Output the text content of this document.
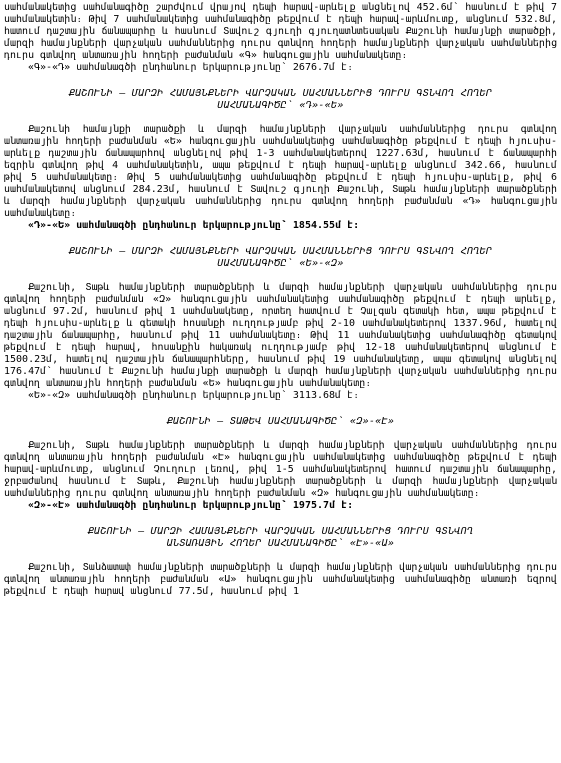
սահմանակետից սահմանագիծը շարժվում վրայով դեպի հարավ-արևելք անցնելով 452.6մ՝ հասնում է թիվ 7 սահմանակետին։ Թիվ 7 սահմանակետից սահմանագիծը թեքվում է դեպի հարավ-արևմուտք, անցնում 532.8մ, հատում դաշտային ճանապարհը և հասնում Տավուշ գյուղի գյուղատնտեսական Քաշունի համայնքի տարածքի, մարզի համայնքների վարչական սահմաններից դուրս գտնվող հողերի համայնքների վարչական սահմաններից դուրս գտնվող անտառային հողերի բաժանման «Գ» հանգուցային սահմանակետը։

«Գ»-«Դ» սահմանագծի ընդհանուր երկարությունը՝ 2676.7մ է։

ՔԱՇՈՒՆԻ – ՄԱՐԶԻ ՀԱՄԱՅՆՔՆԵՐԻ ՎԱՐՉԱԿԱՆ ՍԱՀՄԱՆՆԵՐԻՑ ԴՈՒՐՍ ԳՏՆՎՈՂ ՀՈՂԵՐ
ՍԱՀՄԱՆԱԳԻԾԸ՝ «Դ»-«Ե»

Քաշունի համայնքի տարածքի և մարզի համայնքների վարչական սահմաններից դուրս գտնվող անտառային հողերի բաժանման «Ե» հանգուցային սահմանակետից սահմանագիծը թեքվում է դեպի հյուսիս-արևելք դաշտային ճանապարհով անցնելով թիվ 1-3 սահմանակետերով 1227.63մ, հասնում է ճանապարհի եզրին գտնվող թիվ 4 սահմանակետին, ապա թեքվում է դեպի հարավ-արևելք անցնում 342.66, հասնում թիվ 5 սահմանակետը։ Թիվ 5 սահմանակետից սահմանագիծը թեքվում է դեպի հյուսիս-արևելք, թիվ 6 սահմանակետով անցնում 284.23մ, հասնում է Տավուշ գյուղի Քաշունի, Տաթև համայնքների տարածքների և մարզի համայնքների վարչական սահմաններից դուրս գտնվող հողերի բաժանման «Դ» հանգուցային սահմանակետը։

«Դ»-«Ե» սահմանագծի ընդհանուր երկարությունը՝ 1854.55մ է։

ՔԱՇՈՒՆԻ – ՄԱՐԶԻ ՀԱՄԱՅՆՔՆԵՐԻ ՎԱՐՉԱԿԱՆ ՍԱՀՄԱՆՆԵՐԻՑ ԴՈՒՐՍ ԳՏՆՎՈՂ ՀՈՂԵՐ
ՍԱՀՄԱՆԱԳԻԾԸ՝ «Ե»-«Զ»

Քաշունի, Տաթև համայնքների տարածքների և մարզի համայնքների վարչական սահմաններից դուրս գտնվող հողերի բաժանման «Զ» հանգուցային սահմանակետից սահմանագիծը թեքվում է դեպի արևելք, անցնում 97.2մ, հասնում թիվ 1 սահմանակետը, որտեղ հատվում է Չալգան գետակի հետ, ապա թեքվում է դեպի հյուսիս-արևելք և գետակի հոսանքի ուղղությամբ թիվ 2-10 սահմանակետերով 1337.96մ, հատելով դաշտային ճանապարհը, հասնում թիվ 11 սահմանակետը։ Թիվ 11 սահմանակետից սահմանագիծը գետակով թեքվում է դեպի հարավ, հոսանքին հակառակ ուղղությամբ թիվ 12-18 սահմանակետերով անցնում է 1500.23մ, հատելով դաշտային ճանապարհները, հասնում թիվ 19 սահմանակետը, ապա գետակով անցնելով 176.47մ՝ հասնում է Քաշունի համայնքի տարածքի և մարզի համայնքների վարչական սահմաններից դուրս գտնվող անտառային հողերի բաժանման «Ե» հանգուցային սահմանակետը։

«Ե»-«Զ» սահմանագծի ընդհանուր երկարությունը՝ 3113.68մ է։

ՔԱՇՈՒՆԻ – ՏԱԹԵՎ ՍԱՀՄԱՆԱԳԻԾԸ՝ «Զ»-«Է»

Քաշունի, Տաթև համայնքների տարածքների և մարզի համայնքների վարչական սահմաններից դուրս գտնվող անտառային հողերի բաժանման «Է» հանգուցային սահմանակետից սահմանագիծը թեքվում է դեպի հարավ-արևմուտք, անցնում Չուղուր լեռով, թիվ 1-5 սահմանակետերով հատում դաշտային ճանապարհը, ջրբաժանով հասնում է Տաթև, Քաշունի համայնքների տարածքների և մարզի համայնքների վարչական սահմաններից դուրս գտնվող անտառային հողերի բաժանման «Զ» հանգուցային սահմանակետը։

«Զ»-«Է» սահմանագծի ընդհանուր երկարությունը՝ 1975.7մ է։

ՔԱՇՈՒՆԻ – ՄԱՐԶԻ ՀԱՄԱՅՆՔՆԵՐԻ ՎԱՐՉԱԿԱՆ ՍԱՀՄԱՆՆԵՐԻՑ ԴՈՒՐՍ ԳՏՆՎՈՂ
ԱՆՏԱՌԱՅԻՆ ՀՈՂԵՐ ՍԱՀՄԱՆԱԳԻԾԸ՝ «Է»-«Ա»

Քաշունի, Տանձատափ համայնքների տարածքների և մարզի համայնքների վարչական սահմաններից դուրս գտնվող անտառային հողերի բաժանման «Ա» հանգուցային սահմանակետից սահմանագիծը անտառի եզրով թեքվում է դեպի հարավ անցնում 77.5մ, հասնում թիվ 1
